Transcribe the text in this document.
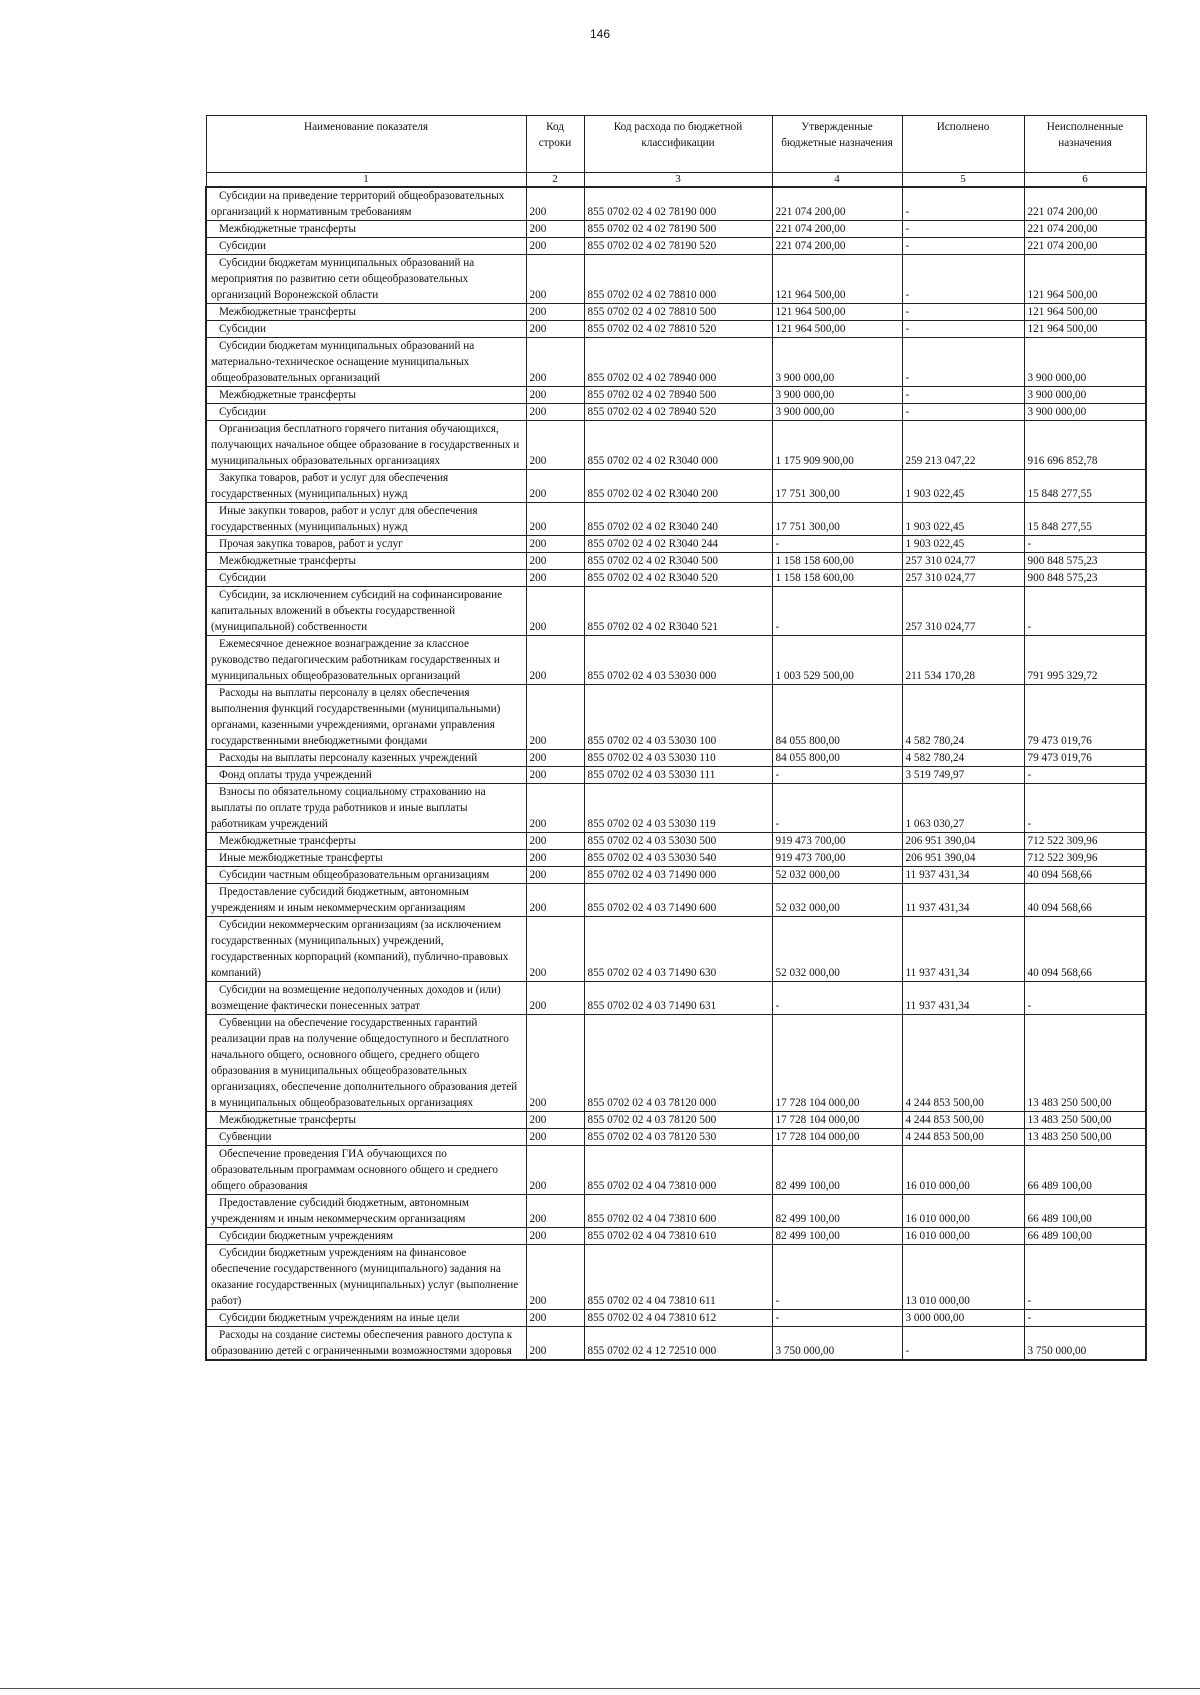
146
Наименование показателя	Код строки	Код расхода по бюджетной классификации	Утвержденные бюджетные назначения	Исполнено	Неисполненные назначения
1	2	3	4	5	6

Субсидии на приведение территорий общеобразовательных организаций к нормативным требованиям	200	855 0702 02 4 02 78190 000	221 074 200,00	-	221 074 200,00

Межбюджетные трансферты	200	855 0702 02 4 02 78190 500	221 074 200,00	-	221 074 200,00

Субсидии	200	855 0702 02 4 02 78190 520	221 074 200,00	-	221 074 200,00

Субсидии бюджетам муниципальных образований на мероприятия по развитию сети общеобразовательных организаций Воронежской области	200	855 0702 02 4 02 78810 000	121 964 500,00	-	121 964 500,00

Межбюджетные трансферты	200	855 0702 02 4 02 78810 500	121 964 500,00	-	121 964 500,00

Субсидии	200	855 0702 02 4 02 78810 520	121 964 500,00	-	121 964 500,00

Субсидии бюджетам муниципальных образований на материально-техническое оснащение муниципальных общеобразовательных организаций	200	855 0702 02 4 02 78940 000	3 900 000,00	-	3 900 000,00

Межбюджетные трансферты	200	855 0702 02 4 02 78940 500	3 900 000,00	-	3 900 000,00

Субсидии	200	855 0702 02 4 02 78940 520	3 900 000,00	-	3 900 000,00

Организация бесплатного горячего питания обучающихся, получающих начальное общее образование в государственных и муниципальных образовательных организациях	200	855 0702 02 4 02 R3040 000	1 175 909 900,00	259 213 047,22	916 696 852,78

Закупка товаров, работ и услуг для обеспечения государственных (муниципальных) нужд	200	855 0702 02 4 02 R3040 200	17 751 300,00	1 903 022,45	15 848 277,55

Иные закупки товаров, работ и услуг для обеспечения государственных (муниципальных) нужд	200	855 0702 02 4 02 R3040 240	17 751 300,00	1 903 022,45	15 848 277,55

Прочая закупка товаров, работ и услуг	200	855 0702 02 4 02 R3040 244	-	1 903 022,45	-

Межбюджетные трансферты	200	855 0702 02 4 02 R3040 500	1 158 158 600,00	257 310 024,77	900 848 575,23

Субсидии	200	855 0702 02 4 02 R3040 520	1 158 158 600,00	257 310 024,77	900 848 575,23

Субсидии, за исключением субсидий на софинансирование капитальных вложений в объекты государственной (муниципальной) собственности	200	855 0702 02 4 02 R3040 521	-	257 310 024,77	-

Ежемесячное денежное вознаграждение за классное руководство педагогическим работникам государственных и муниципальных общеобразовательных организаций	200	855 0702 02 4 03 53030 000	1 003 529 500,00	211 534 170,28	791 995 329,72

Расходы на выплаты персоналу в целях обеспечения выполнения функций государственными (муниципальными) органами, казенными учреждениями, органами управления государственными внебюджетными фондами	200	855 0702 02 4 03 53030 100	84 055 800,00	4 582 780,24	79 473 019,76

Расходы на выплаты персоналу казенных учреждений	200	855 0702 02 4 03 53030 110	84 055 800,00	4 582 780,24	79 473 019,76

Фонд оплаты труда учреждений	200	855 0702 02 4 03 53030 111	-	3 519 749,97	-

Взносы по обязательному социальному страхованию на выплаты по оплате труда работников и иные выплаты работникам учреждений	200	855 0702 02 4 03 53030 119	-	1 063 030,27	-

Межбюджетные трансферты	200	855 0702 02 4 03 53030 500	919 473 700,00	206 951 390,04	712 522 309,96

Иные межбюджетные трансферты	200	855 0702 02 4 03 53030 540	919 473 700,00	206 951 390,04	712 522 309,96

Субсидии частным общеобразовательным организациям	200	855 0702 02 4 03 71490 000	52 032 000,00	11 937 431,34	40 094 568,66

Предоставление субсидий бюджетным, автономным учреждениям и иным некоммерческим организациям	200	855 0702 02 4 03 71490 600	52 032 000,00	11 937 431,34	40 094 568,66

Субсидии некоммерческим организациям (за исключением государственных (муниципальных) учреждений, государственных корпораций (компаний), публично-правовых компаний)	200	855 0702 02 4 03 71490 630	52 032 000,00	11 937 431,34	40 094 568,66

Субсидии на возмещение недополученных доходов и (или) возмещение фактически понесенных затрат	200	855 0702 02 4 03 71490 631	-	11 937 431,34	-

Субвенции на обеспечение государственных гарантий реализации прав на получение общедоступного и бесплатного начального общего, основного общего, среднего общего образования в муниципальных общеобразовательных организациях, обеспечение дополнительного образования детей в муниципальных общеобразовательных организациях	200	855 0702 02 4 03 78120 000	17 728 104 000,00	4 244 853 500,00	13 483 250 500,00

Межбюджетные трансферты	200	855 0702 02 4 03 78120 500	17 728 104 000,00	4 244 853 500,00	13 483 250 500,00

Субвенции	200	855 0702 02 4 03 78120 530	17 728 104 000,00	4 244 853 500,00	13 483 250 500,00

Обеспечение проведения ГИА обучающихся по образовательным программам основного общего и среднего общего образования	200	855 0702 02 4 04 73810 000	82 499 100,00	16 010 000,00	66 489 100,00

Предоставление субсидий бюджетным, автономным учреждениям и иным некоммерческим организациям	200	855 0702 02 4 04 73810 600	82 499 100,00	16 010 000,00	66 489 100,00

Субсидии бюджетным учреждениям	200	855 0702 02 4 04 73810 610	82 499 100,00	16 010 000,00	66 489 100,00

Субсидии бюджетным учреждениям на финансовое обеспечение государственного (муниципального) задания на оказание государственных (муниципальных) услуг (выполнение работ)	200	855 0702 02 4 04 73810 611	-	13 010 000,00	-

Субсидии бюджетным учреждениям на иные цели	200	855 0702 02 4 04 73810 612	-	3 000 000,00	-

Расходы на создание системы обеспечения равного доступа к образованию детей с ограниченными возможностями здоровья	200	855 0702 02 4 12 72510 000	3 750 000,00	-	3 750 000,00
